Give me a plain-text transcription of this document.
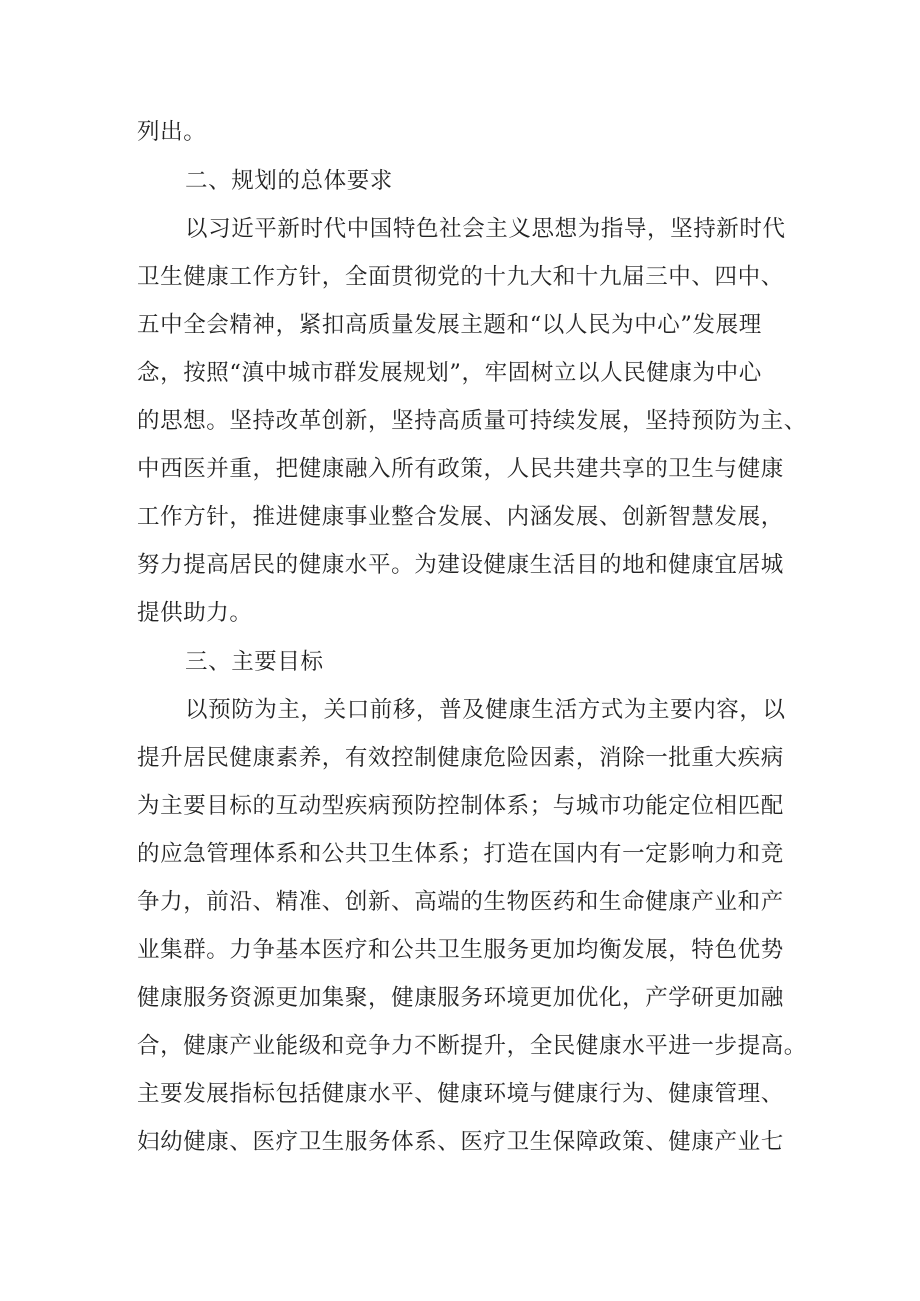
列出。
二、规划的总体要求
以习近平新时代中国特色社会主义思想为指导，坚持新时代
卫生健康工作方针，全面贯彻党的十九大和十九届三中、四中、
五中全会精神，紧扣高质量发展主题和“以人民为中心”发展理
念，按照“滇中城市群发展规划”，牢固树立以人民健康为中心
的思想。坚持改革创新，坚持高质量可持续发展，坚持预防为主、
中西医并重，把健康融入所有政策，人民共建共享的卫生与健康
工作方针，推进健康事业整合发展、内涵发展、创新智慧发展，
努力提高居民的健康水平。为建设健康生活目的地和健康宜居城
提供助力。
三、主要目标
以预防为主，关口前移，普及健康生活方式为主要内容，以
提升居民健康素养，有效控制健康危险因素，消除一批重大疾病
为主要目标的互动型疾病预防控制体系；与城市功能定位相匹配
的应急管理体系和公共卫生体系；打造在国内有一定影响力和竞
争力，前沿、精准、创新、高端的生物医药和生命健康产业和产
业集群。力争基本医疗和公共卫生服务更加均衡发展，特色优势
健康服务资源更加集聚，健康服务环境更加优化，产学研更加融
合，健康产业能级和竞争力不断提升，全民健康水平进一步提高。
主要发展指标包括健康水平、健康环境与健康行为、健康管理、
妇幼健康、医疗卫生服务体系、医疗卫生保障政策、健康产业七
